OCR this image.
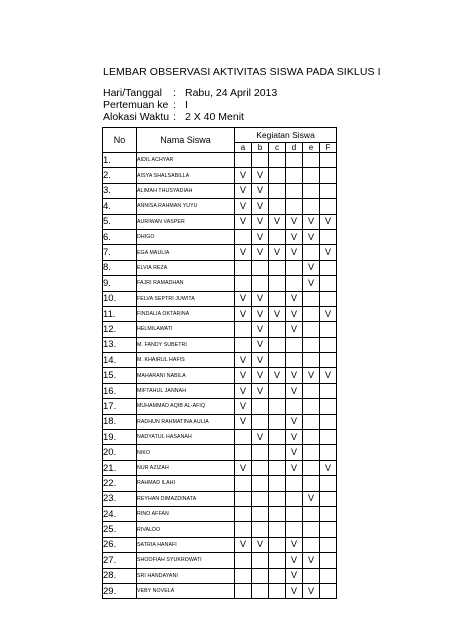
LEMBAR OBSERVASI AKTIVITAS SISWA PADA SIKLUS I
Hari/Tanggal : Rabu, 24 April 2013
Pertemuan ke : I
Alokasi Waktu : 2 X 40 Menit
No	Nama Siswa	Kegiatan Siswa					
		a	b	c	d	e	F
1.	AIDIL ACHYAR						
2.	AISYA SHALSABILLA	V	V				
3.	ALIMAH THUSYADIAH	V	V				
4.	ANNISA RAHMAN YUYU	V	V				
5.	AURIWAN VASPER	V	V	V	V	V	V
6.	DHIGO		V		V	V	
7.	EGA MAULIA	V	V	V	V		V
8.	ELVIA REZA					V	
9.	FAJRI RAMADHAN					V	
10.	FELVA SEPTRI JUWITA	V	V		V		
11.	FINDALIA OKTARINA	V	V	V	V		V
12.	HELMILAWATI		V		V		
13.	M. FANDY SUBETRI		V				
14.	M. KHAIRUL HAFIS	V	V				
15.	MAHARANI NABILA	V	V	V	V	V	V
16.	MIFTAHUL JANNAH	V	V		V		
17.	MUHAMMAD AQIB AL-AFIQ	V					
18.	RADHUN RAHMATINA AULIA	V			V		
19.	NADYATUL HASANAH		V		V		
20.	NIKO				V		
21.	NUR AZIZAH	V			V		V
22.	RAHMAD ILAHI						
23.	REYHAN DIMAZDINATA					V	
24.	RINO AFFAN						
25.	RIVALDO						
26.	SATRIA HANAFI	V	V		V		
27.	SHOOFIAH SYUKROWATI				V	V	
28.	SRI HANDAYANI				V		
29.	VEBY NOVELA				V	V	
